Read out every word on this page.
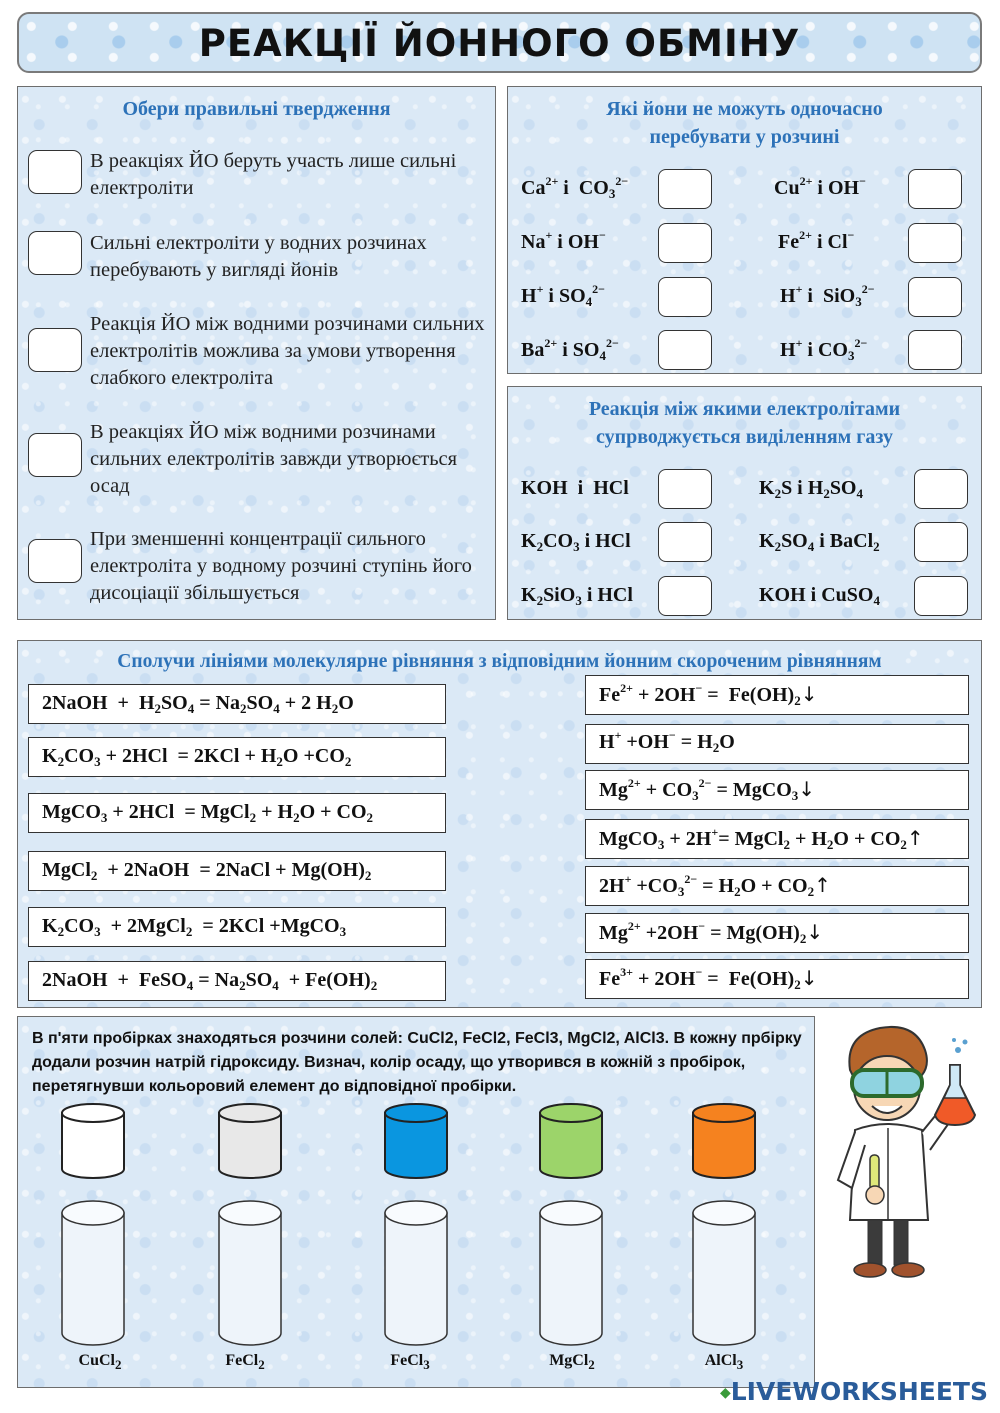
РЕАКЦІЇ ЙОННОГО ОБМІНУ
Обери правильні твердження
В реакціях ЙО беруть участь лише сильні електроліти
Сильні електроліти у водних розчинах перебувають у вигляді йонів
Реакція ЙО між водними розчинами сильних електролітів можлива за умови утворення слабкого електроліта
В реакціях ЙО між водними розчинами сильних електролітів завжди утворюється осад
При зменшенні концентрації сильного електроліта у водному розчині ступінь його дисоціації збільшується
Які йони не можуть одночасно перебувати у розчині
$Ca^{2+}$ і  $CO_3^{2-}$	$Cu^{2+}$ і OH−
Na+ і OH−	$Fe^{2+}$ і Cl−
H+ і $SO_4^{2-}$	H+ і  SiO$_3^{2-}$
$Ba^{2+}$ і $SO_4^{2-}$	H+ і $CO_3^{2-}$
Реакція між якими електролітами супрводжується виділенням газу
KOH  і  HCl	$K_2S$ і $H_2SO_4$
$K_2CO_3$ і HCl	$K_2SO_4$ і BaCl$_2$
$K_2SiO_3$ і HCl	KOH і CuSO$_4$
Сполучи лініями молекулярне рівняння з відповідним йонним скороченим рівнянням
2NaOH  +  $H_2SO_4 = Na_2SO_4 + 2$ $H_2O$
$K_2CO_3 + 2HCl = 2KCl + H_2O +CO_2$
MgCO$_3$ + 2HCl  = MgCl$_2$ + $H_2O + CO_2$
MgCl$_2$  + 2NaOH  = 2NaCl + $Mg(OH)_2$
$K_2CO_3$  + 2MgCl$_2$  = 2KCl +MgCO$_3$
2NaOH  +  FeSO$_4$ = $Na_2SO_4 + Fe(OH)_2$
$Fe^{2+} + 2OH^-$ =  $Fe(OH)_2↓$
$H^+ +OH^- = H_2O$
$Mg^{2+} + CO_3^{2-}$ = MgCO$_3$↓
MgCO$_3$ + 2H+= MgCl$_2$ + $H_2O$ + $CO_2↑$
$2H^+ +CO_3^{2-} = H_2O$ + $CO_2↑$
$Mg^{2+} +2OH^-$ = $Mg(OH)_2↓$
$Fe^{3+} + 2OH^-$ =  $Fe(OH)_2↓$
В п'яти пробірках знаходяться розчини солей: CuCl2, FeCl2, FeCl3, MgCl2, AlCl3. В кожну прбірку додали розчин натрій гідроксиду. Визнач, колір осаду, що утворився в кожній з пробірок, перетягнувши кольоровий елемент до відповідної пробірки.
CuCl$_2$	FeCl$_2$	FeCl$_3$	MgCl$_2$	AlCl$_3$
◆LIVEWORKSHEETS
